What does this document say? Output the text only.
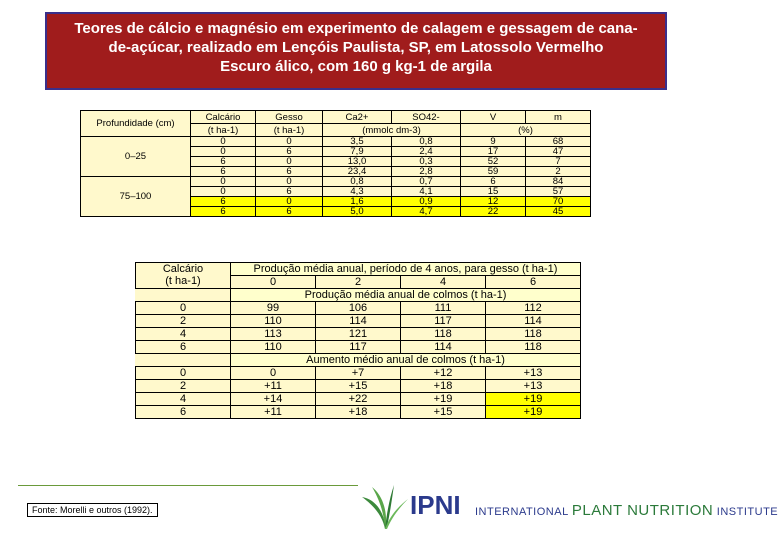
Teores de cálcio e magnésio em experimento de calagem e gessagem de cana-
de-açúcar, realizado em Lençóis Paulista, SP, em Latossolo Vermelho
Escuro álico, com 160 g kg-1 de argila
Profundidade (cm)	Calcário	Gesso	Ca2+	SO42-	V	m
	(t ha-1)	(t ha-1)	(mmolc dm-3)		(%)	
0–25	0	0	3,5	0,8	9	68
	0	6	7,9	2,4	17	47
	6	0	13,0	0,3	52	7
	6	6	23,4	2,8	59	2
75–100	0	0	0,8	0,7	6	84
	0	6	4,3	4,1	15	57
	6	0	1,6	0,9	12	70
	6	6	5,0	4,7	22	45
Calcário
(t ha-1)	Produção média anual, período de 4 anos, para gesso (t ha-1)			
	0	2	4	6
	Produção média anual de colmos (t ha-1)			
0	99	106	111	112
2	110	114	117	114
4	113	121	118	118
6	110	117	114	118
	Aumento médio anual de colmos (t ha-1)			
0	0	+7	+12	+13
2	+11	+15	+18	+13
4	+14	+22	+19	+19
6	+11	+18	+15	+19
Fonte: Morelli e outros (1992).	IPNI INTERNATIONAL PLANT NUTRITION INSTITUTE
